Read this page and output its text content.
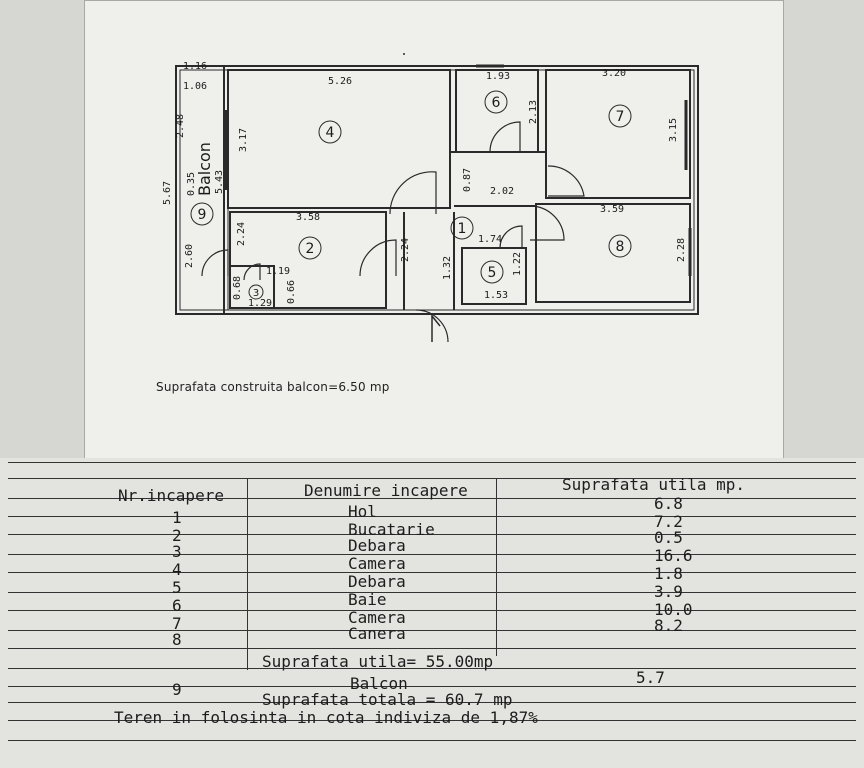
1.16
1.06
5.67
2.48
0.35 5.43
2.60
5.26
3.17
1.93
2.13
3.20
3.15
0.87 2.02
3.58
2.24
2.24
1.19
0.68
1.29 0.66
1.74
1.22
1.53
1.32
3.59
2.28
1
2
3
4
5
6
7
8
9
Balcon
Suprafata construita balcon=6.50 mp
Nr.incapere	Denumire incapere	Suprafata utila mp.
1	Hol	6.8
2	Bucatarie	7.2
3	Debara	0.5
4	Camera	16.6
5	Debara	1.8
6	Baie	3.9
7	Camera	10.0
8	Canera	8.2
Suprafata utila= 55.00mp
9	Balcon	5.7
Suprafata totala = 60.7 mp
Teren in folosinta in cota indiviza de 1,87%
